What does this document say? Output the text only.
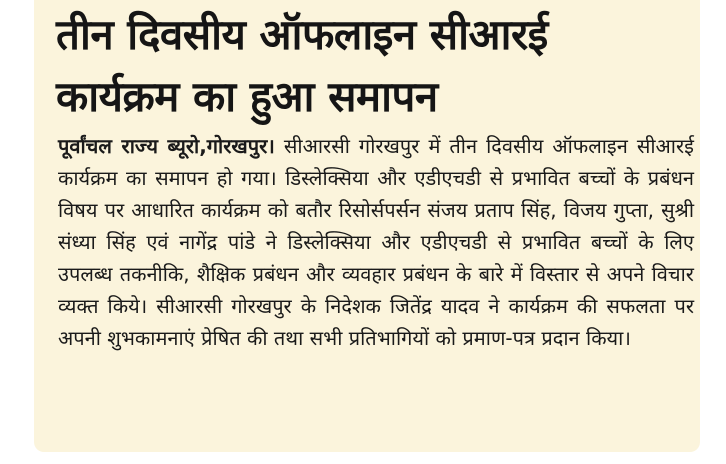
तीन दिवसीय ऑफलाइन सीआरई
कार्यक्रम का हुआ समापन

पूर्वांचल राज्य ब्यूरो,गोरखपुर। सीआरसी गोरखपुर में तीन दिवसीय ऑफलाइन सीआरई कार्यक्रम का समापन हो गया। डिस्लेक्सिया और एडीएचडी से प्रभावित बच्चों के प्रबंधन विषय पर आधारित कार्यक्रम को बतौर रिसोर्सपर्सन संजय प्रताप सिंह, विजय गुप्ता, सुश्री संध्या सिंह एवं नागेंद्र पांडे ने डिस्लेक्सिया और एडीएचडी से प्रभावित बच्चों के लिए उपलब्ध तकनीकि, शैक्षिक प्रबंधन और व्यवहार प्रबंधन के बारे में विस्तार से अपने विचार व्यक्त किये। सीआरसी गोरखपुर के निदेशक जितेंद्र यादव ने कार्यक्रम की सफलता पर अपनी शुभकामनाएं प्रेषित की तथा सभी प्रतिभागियों को प्रमाण-पत्र प्रदान किया।
